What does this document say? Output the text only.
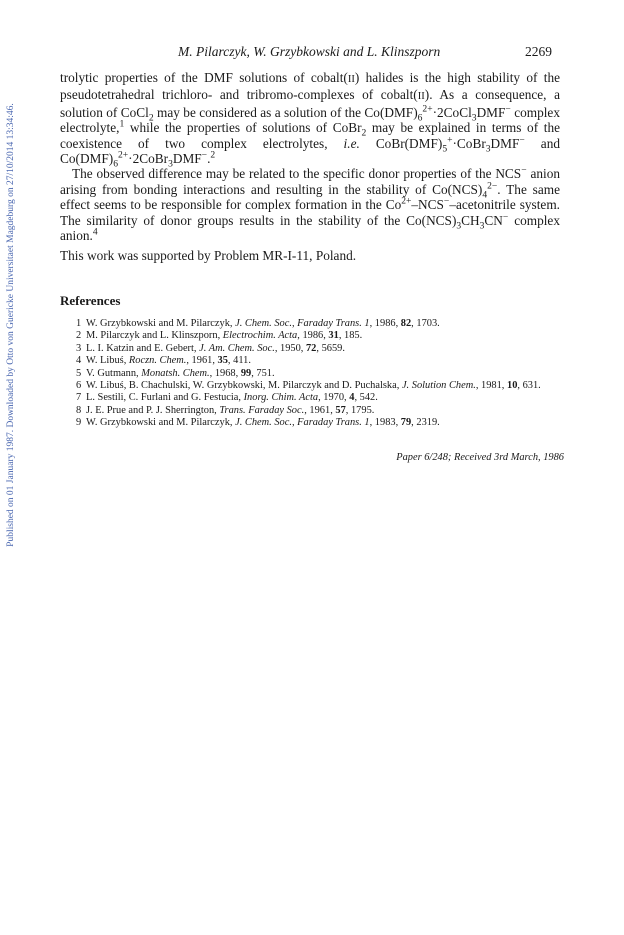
Published on 01 January 1987. Downloaded by Otto von Guericke Universitaet Magdeburg on 27/10/2014 13:34:46.
M. Pilarczyk, W. Grzybkowski and L. Klinszporn	2269

trolytic properties of the DMF solutions of cobalt(II) halides is the high stability of the pseudotetrahedral trichloro- and tribromo-complexes of cobalt(II). As a consequence, a solution of CoCl$_2$ may be considered as a solution of the $Co(DMF)_6^{2+}\cdot 2CoCl_3DMF^-$ complex electrolyte,$^1$ while the properties of solutions of CoBr$_2$ may be explained in terms of the coexistence of two complex electrolytes, i.e. $CoBr(DMF)_5^+\cdot CoBr_3DMF^-$ and $Co(DMF)_6^{2+}\cdot 2CoBr_3DMF^-.^2$

The observed difference may be related to the specific donor properties of the NCS− anion arising from bonding interactions and resulting in the stability of $Co(NCS)_4^{2-}$. The same effect seems to be responsible for complex formation in the $Co^{2+}-NCS^-$–acetonitrile system. The similarity of donor groups results in the stability of the $Co(NCS)_3CH_3CN^-$ complex anion.$^4$

This work was supported by Problem MR-I-11, Poland.
References
1 W. Grzybkowski and M. Pilarczyk, J. Chem. Soc., Faraday Trans. 1, 1986, 82, 1703.
2 M. Pilarczyk and L. Klinszporn, Electrochim. Acta, 1986, 31, 185.
3 L. I. Katzin and E. Gebert, J. Am. Chem. Soc., 1950, 72, 5659.
4 W. Libuś, Roczn. Chem., 1961, 35, 411.
5 V. Gutmann, Monatsh. Chem., 1968, 99, 751.
6 W. Libuś, B. Chachulski, W. Grzybkowski, M. Pilarczyk and D. Puchalska, J. Solution Chem., 1981, 10, 631.
7 L. Sestili, C. Furlani and G. Festucia, Inorg. Chim. Acta, 1970, 4, 542.
8 J. E. Prue and P. J. Sherrington, Trans. Faraday Soc., 1961, 57, 1795.
9 W. Grzybkowski and M. Pilarczyk, J. Chem. Soc., Faraday Trans. 1, 1983, 79, 2319.
Paper 6/248; Received 3rd March, 1986
